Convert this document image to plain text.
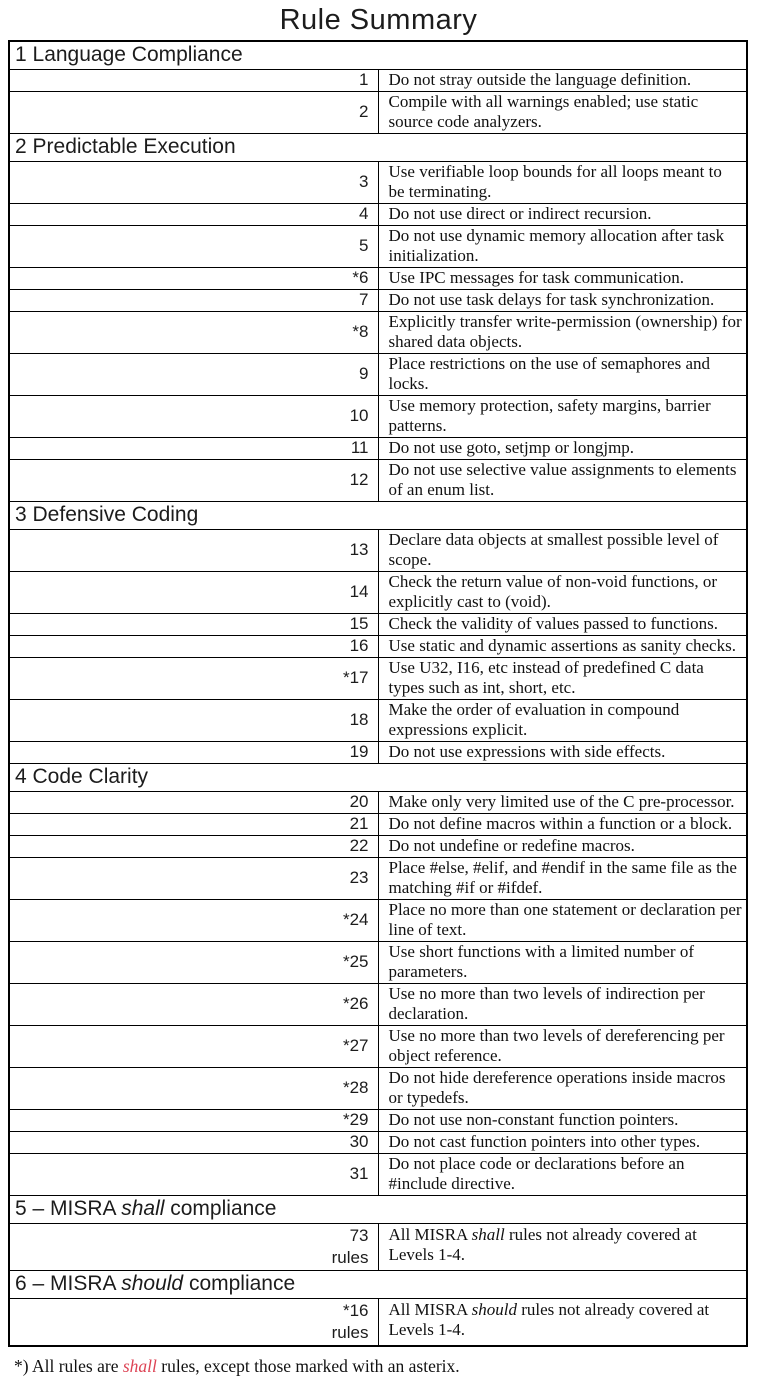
Rule Summary
1 Language Compliance	
1	Do not stray outside the language definition.
2	Compile with all warnings enabled; use static source code analyzers.
2 Predictable Execution	
3	Use verifiable loop bounds for all loops meant to be terminating.
4	Do not use direct or indirect recursion.
5	Do not use dynamic memory allocation after task initialization.
*6	Use IPC messages for task communication.
7	Do not use task delays for task synchronization.
*8	Explicitly transfer write-permission (ownership) for shared data objects.
9	Place restrictions on the use of semaphores and locks.
10	Use memory protection, safety margins, barrier patterns.
11	Do not use goto, setjmp or longjmp.
12	Do not use selective value assignments to elements of an enum list.
3 Defensive Coding	
13	Declare data objects at smallest possible level of scope.
14	Check the return value of non-void functions, or explicitly cast to (void).
15	Check the validity of values passed to functions.
16	Use static and dynamic assertions as sanity checks.
*17	Use U32, I16, etc instead of predefined C data types such as int, short, etc.
18	Make the order of evaluation in compound expressions explicit.
19	Do not use expressions with side effects.
4 Code Clarity	
20	Make only very limited use of the C pre-processor.
21	Do not define macros within a function or a block.
22	Do not undefine or redefine macros.
23	Place #else, #elif, and #endif in the same file as the matching #if or #ifdef.
*24	Place no more than one statement or declaration per line of text.
*25	Use short functions with a limited number of parameters.
*26	Use no more than two levels of indirection per declaration.
*27	Use no more than two levels of dereferencing per object reference.
*28	Do not hide dereference operations inside macros or typedefs.
*29	Do not use non-constant function pointers.
30	Do not cast function pointers into other types.
31	Do not place code or declarations before an #include directive.
5 – MISRA shall compliance	

73
rules	All MISRA shall rules not already covered at Levels 1-4.
6 – MISRA should compliance	

*16
rules	All MISRA should rules not already covered at Levels 1-4.
*) All rules are shall rules, except those marked with an asterix.
